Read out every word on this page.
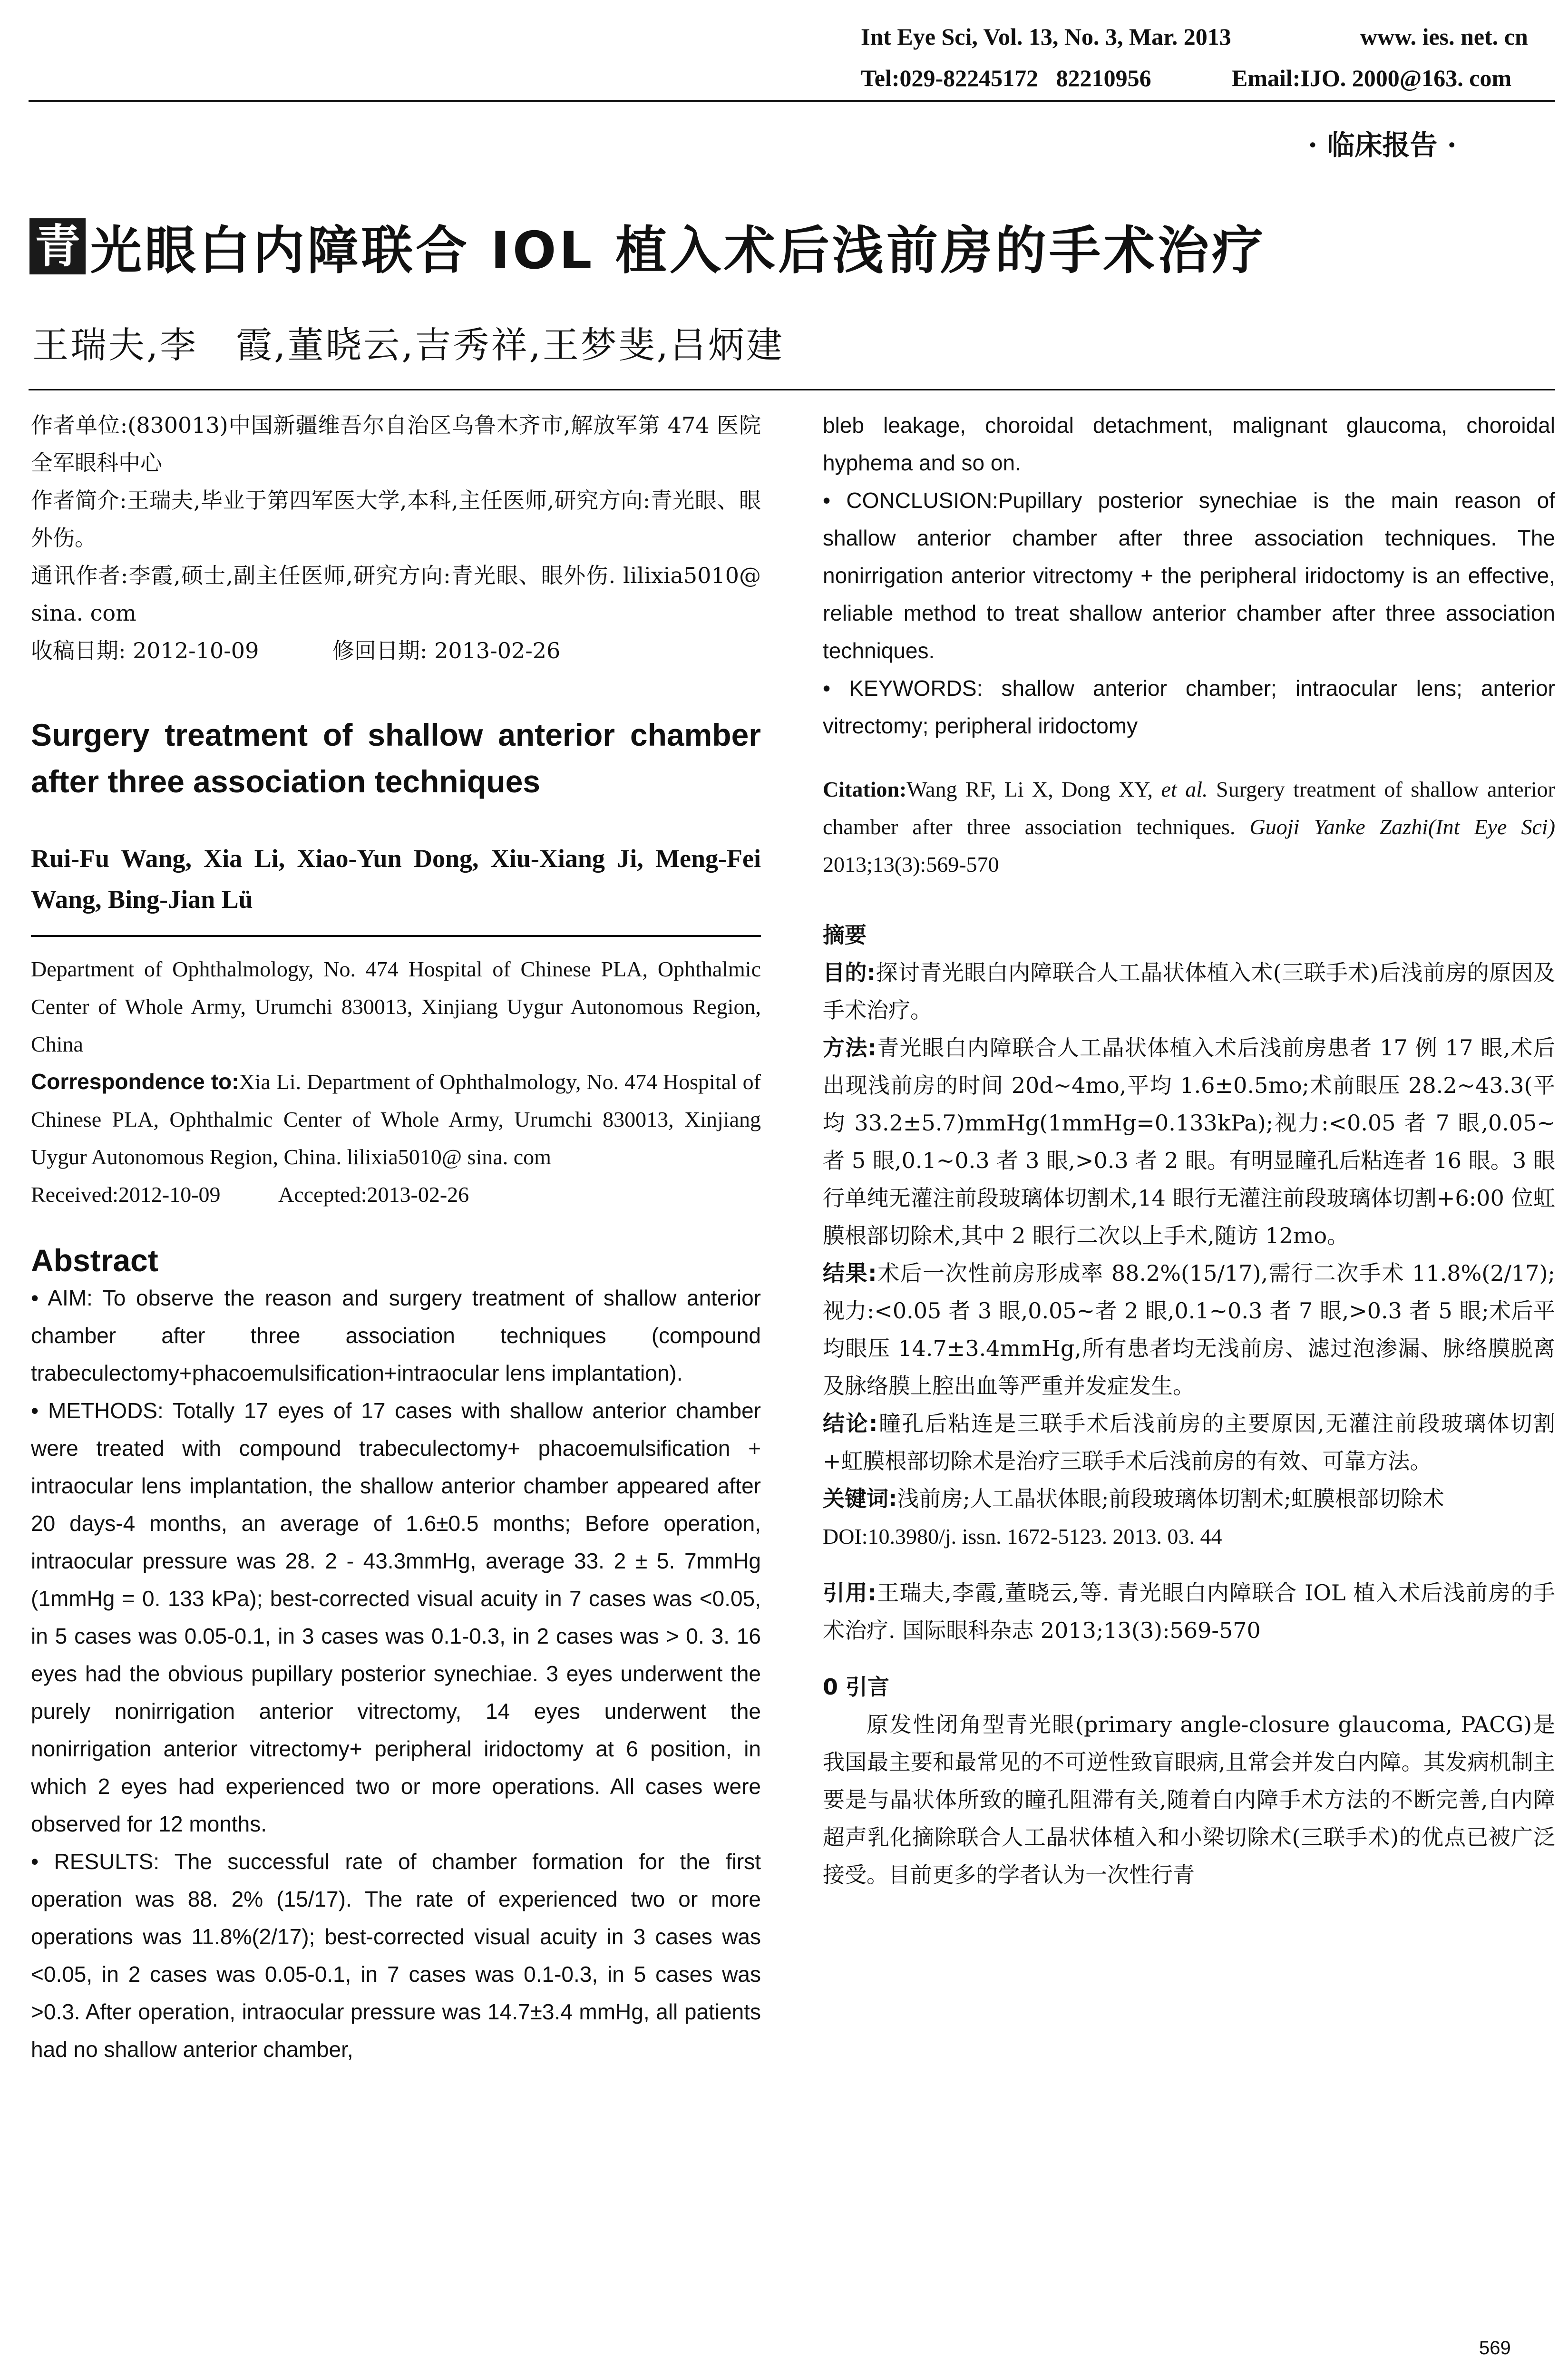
Int Eye Sci, Vol. 13, No. 3, Mar. 2013	www. ies. net. cn
Tel:029-82245172   82210956	Email:IJO. 2000@163. com
· 临床报告 ·
青 光眼白内障联合 IOL 植入术后浅前房的手术治疗
王瑞夫,李　霞,董晓云,吉秀祥,王梦斐,吕炳建

作者单位:(830013)中国新疆维吾尔自治区乌鲁木齐市,解放军第 474 医院全军眼科中心

作者简介:王瑞夫,毕业于第四军医大学,本科,主任医师,研究方向:青光眼、眼外伤。

通讯作者:李霞,硕士,副主任医师,研究方向:青光眼、眼外伤. lilixia5010@ sina. com

收稿日期: 2012-10-09	修回日期: 2013-02-26

Surgery treatment of shallow anterior chamber after three association techniques

Rui-Fu Wang, Xia Li, Xiao-Yun Dong, Xiu-Xiang Ji, Meng-Fei Wang, Bing-Jian Lü

Department of Ophthalmology, No. 474 Hospital of Chinese PLA, Ophthalmic Center of Whole Army, Urumchi 830013, Xinjiang Uygur Autonomous Region, China

Correspondence to:Xia Li. Department of Ophthalmology, No. 474 Hospital of Chinese PLA, Ophthalmic Center of Whole Army, Urumchi 830013, Xinjiang Uygur Autonomous Region, China. lilixia5010@ sina. com

Received:2012-10-09	Accepted:2013-02-26

Abstract

• AIM: To observe the reason and surgery treatment of shallow anterior chamber after three association techniques (compound trabeculectomy+phacoemulsification+intraocular lens implantation).

• METHODS: Totally 17 eyes of 17 cases with shallow anterior chamber were treated with compound trabeculectomy+ phacoemulsification + intraocular lens implantation, the shallow anterior chamber appeared after 20 days-4 months, an average of 1.6±0.5 months; Before operation, intraocular pressure was 28. 2 - 43.3mmHg, average 33. 2 ± 5. 7mmHg (1mmHg = 0. 133 kPa); best-corrected visual acuity in 7 cases was <0.05, in 5 cases was 0.05-0.1, in 3 cases was 0.1-0.3, in 2 cases was > 0. 3. 16 eyes had the obvious pupillary posterior synechiae. 3 eyes underwent the purely nonirrigation anterior vitrectomy, 14 eyes underwent the nonirrigation anterior vitrectomy+ peripheral iridoctomy at 6 position, in which 2 eyes had experienced two or more operations. All cases were observed for 12 months.

• RESULTS: The successful rate of chamber formation for the first operation was 88. 2% (15/17). The rate of experienced two or more operations was 11.8%(2/17); best-corrected visual acuity in 3 cases was <0.05, in 2 cases was 0.05-0.1, in 7 cases was 0.1-0.3, in 5 cases was >0.3. After operation, intraocular pressure was 14.7±3.4 mmHg, all patients had no shallow anterior chamber,

bleb leakage, choroidal detachment, malignant glaucoma, choroidal hyphema and so on.

• CONCLUSION:Pupillary posterior synechiae is the main reason of shallow anterior chamber after three association techniques. The nonirrigation anterior vitrectomy + the peripheral iridoctomy is an effective, reliable method to treat shallow anterior chamber after three association techniques.

• KEYWORDS: shallow anterior chamber; intraocular lens; anterior vitrectomy; peripheral iridoctomy

Citation:Wang RF, Li X, Dong XY, et al. Surgery treatment of shallow anterior chamber after three association techniques. Guoji Yanke Zazhi(Int Eye Sci) 2013;13(3):569-570

摘要

目的:探讨青光眼白内障联合人工晶状体植入术(三联手术)后浅前房的原因及手术治疗。

方法:青光眼白内障联合人工晶状体植入术后浅前房患者 17 例 17 眼,术后出现浅前房的时间 20d~4mo,平均 1.6±0.5mo;术前眼压 28.2~43.3(平均 33.2±5.7)mmHg(1mmHg=0.133kPa);视力:<0.05 者 7 眼,0.05~者 5 眼,0.1~0.3 者 3 眼,>0.3 者 2 眼。有明显瞳孔后粘连者 16 眼。3 眼行单纯无灌注前段玻璃体切割术,14 眼行无灌注前段玻璃体切割+6:00 位虹膜根部切除术,其中 2 眼行二次以上手术,随访 12mo。

结果:术后一次性前房形成率 88.2%(15/17),需行二次手术 11.8%(2/17);视力:<0.05 者 3 眼,0.05~者 2 眼,0.1~0.3 者 7 眼,>0.3 者 5 眼;术后平均眼压 14.7±3.4mmHg,所有患者均无浅前房、滤过泡渗漏、脉络膜脱离及脉络膜上腔出血等严重并发症发生。

结论:瞳孔后粘连是三联手术后浅前房的主要原因,无灌注前段玻璃体切割+虹膜根部切除术是治疗三联手术后浅前房的有效、可靠方法。

关键词:浅前房;人工晶状体眼;前段玻璃体切割术;虹膜根部切除术

DOI:10.3980/j. issn. 1672-5123. 2013. 03. 44

引用:王瑞夫,李霞,董晓云,等. 青光眼白内障联合 IOL 植入术后浅前房的手术治疗. 国际眼科杂志 2013;13(3):569-570

0 引言

原发性闭角型青光眼(primary angle-closure glaucoma, PACG)是我国最主要和最常见的不可逆性致盲眼病,且常会并发白内障。其发病机制主要是与晶状体所致的瞳孔阻滞有关,随着白内障手术方法的不断完善,白内障超声乳化摘除联合人工晶状体植入和小梁切除术(三联手术)的优点已被广泛接受。目前更多的学者认为一次性行青

569
